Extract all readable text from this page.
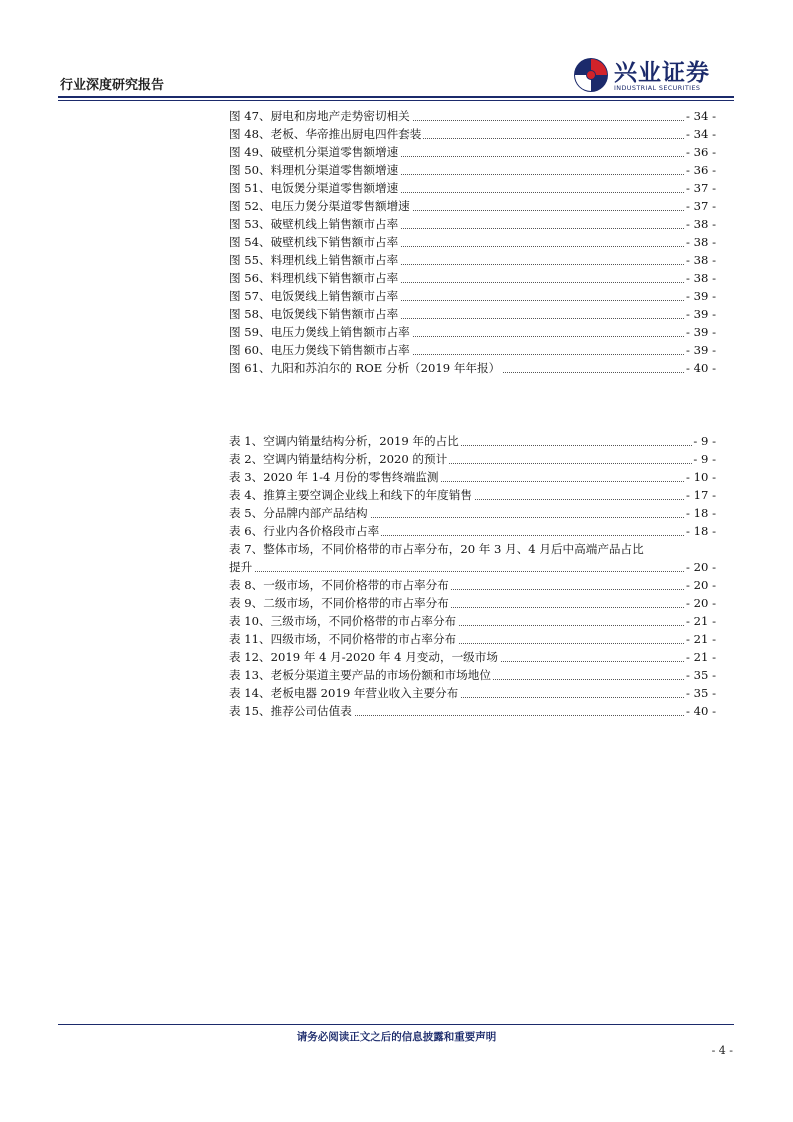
行业深度研究报告	兴业证券
INDUSTRIAL SECURITIES
图 47、厨电和房地产走势密切相关	- 34 -
图 48、老板、华帝推出厨电四件套装	- 34 -
图 49、破壁机分渠道零售额增速	- 36 -
图 50、料理机分渠道零售额增速	- 36 -
图 51、电饭煲分渠道零售额增速	- 37 -
图 52、电压力煲分渠道零售额增速	- 37 -
图 53、破壁机线上销售额市占率	- 38 -
图 54、破壁机线下销售额市占率	- 38 -
图 55、料理机线上销售额市占率	- 38 -
图 56、料理机线下销售额市占率	- 38 -
图 57、电饭煲线上销售额市占率	- 39 -
图 58、电饭煲线下销售额市占率	- 39 -
图 59、电压力煲线上销售额市占率	- 39 -
图 60、电压力煲线下销售额市占率	- 39 -
图 61、九阳和苏泊尔的 ROE 分析（2019 年年报）	- 40 -
表 1、空调内销量结构分析，2019 年的占比	- 9 -
表 2、空调内销量结构分析，2020 的预计	- 9 -
表 3、2020 年 1-4 月份的零售终端监测	- 10 -
表 4、推算主要空调企业线上和线下的年度销售	- 17 -
表 5、分品牌内部产品结构	- 18 -
表 6、行业内各价格段市占率	- 18 -
表 7、整体市场，不同价格带的市占率分布，20 年 3 月、4 月后中高端产品占比
提升	- 20 -
表 8、一级市场，不同价格带的市占率分布	- 20 -
表 9、二级市场，不同价格带的市占率分布	- 20 -
表 10、三级市场，不同价格带的市占率分布	- 21 -
表 11、四级市场，不同价格带的市占率分布	- 21 -
表 12、2019 年 4 月-2020 年 4 月变动，一级市场	- 21 -
表 13、老板分渠道主要产品的市场份额和市场地位	- 35 -
表 14、老板电器 2019 年营业收入主要分布	- 35 -
表 15、推荐公司估值表	- 40 -
请务必阅读正文之后的信息披露和重要声明
- 4 -
